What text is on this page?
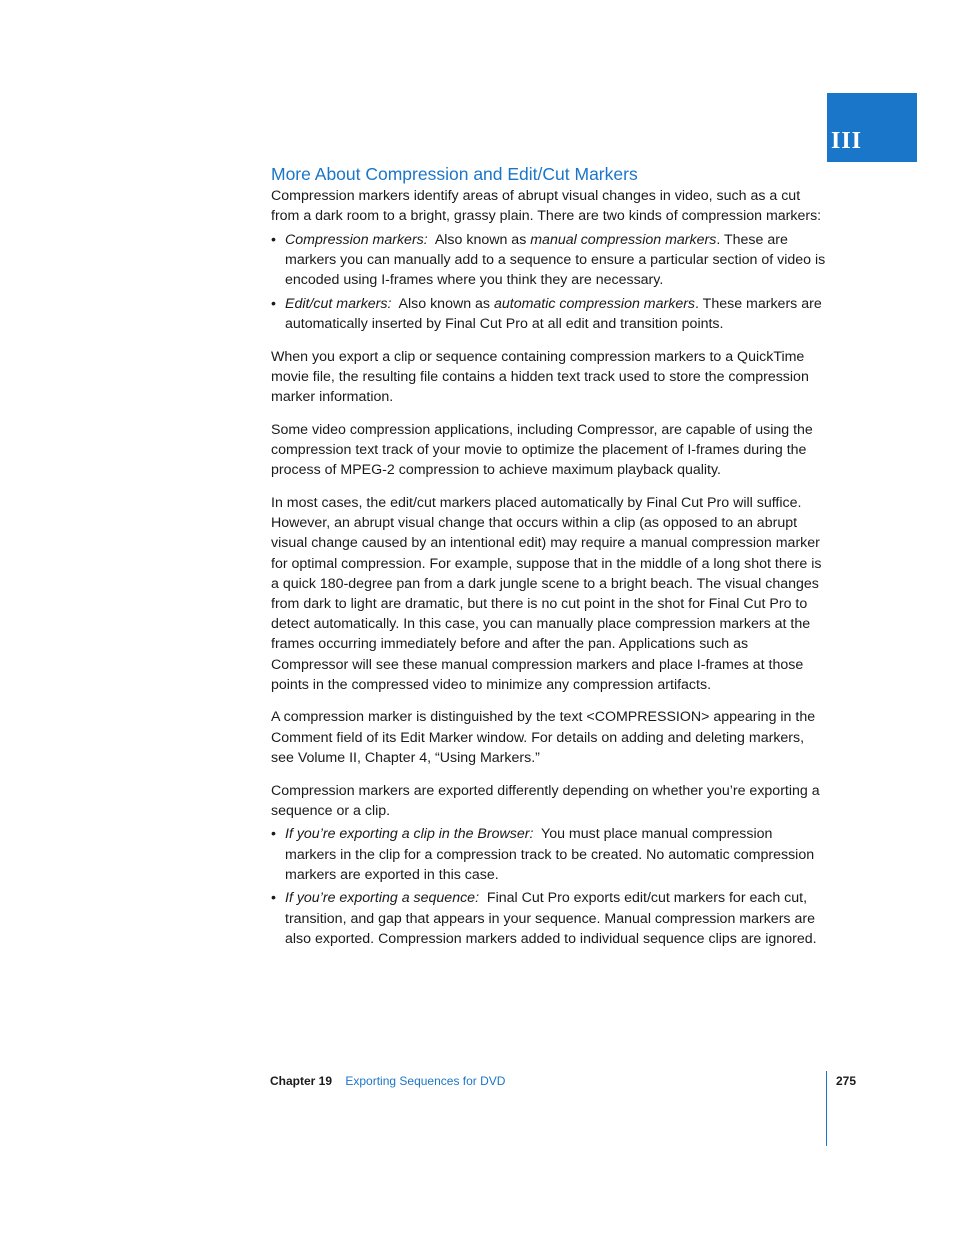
III
More About Compression and Edit/Cut Markers

Compression markers identify areas of abrupt visual changes in video, such as a cut from a dark room to a bright, grassy plain. There are two kinds of compression markers:

• Compression markers: Also known as manual compression markers. These are markers you can manually add to a sequence to ensure a particular section of video is encoded using I-frames where you think they are necessary.
• Edit/cut markers: Also known as automatic compression markers. These markers are automatically inserted by Final Cut Pro at all edit and transition points.

When you export a clip or sequence containing compression markers to a QuickTime movie file, the resulting file contains a hidden text track used to store the compression marker information.

Some video compression applications, including Compressor, are capable of using the compression text track of your movie to optimize the placement of I-frames during the process of MPEG-2 compression to achieve maximum playback quality.

In most cases, the edit/cut markers placed automatically by Final Cut Pro will suffice. However, an abrupt visual change that occurs within a clip (as opposed to an abrupt visual change caused by an intentional edit) may require a manual compression marker for optimal compression. For example, suppose that in the middle of a long shot there is a quick 180-degree pan from a dark jungle scene to a bright beach. The visual changes from dark to light are dramatic, but there is no cut point in the shot for Final Cut Pro to detect automatically. In this case, you can manually place compression markers at the frames occurring immediately before and after the pan. Applications such as Compressor will see these manual compression markers and place I-frames at those points in the compressed video to minimize any compression artifacts.

A compression marker is distinguished by the text <COMPRESSION> appearing in the Comment field of its Edit Marker window. For details on adding and deleting markers, see Volume II, Chapter 4, “Using Markers.”

Compression markers are exported differently depending on whether you’re exporting a sequence or a clip.

• If you’re exporting a clip in the Browser: You must place manual compression markers in the clip for a compression track to be created. No automatic compression markers are exported in this case.
• If you’re exporting a sequence: Final Cut Pro exports edit/cut markers for each cut, transition, and gap that appears in your sequence. Manual compression markers are also exported. Compression markers added to individual sequence clips are ignored.
Chapter 19 Exporting Sequences for DVD	275
